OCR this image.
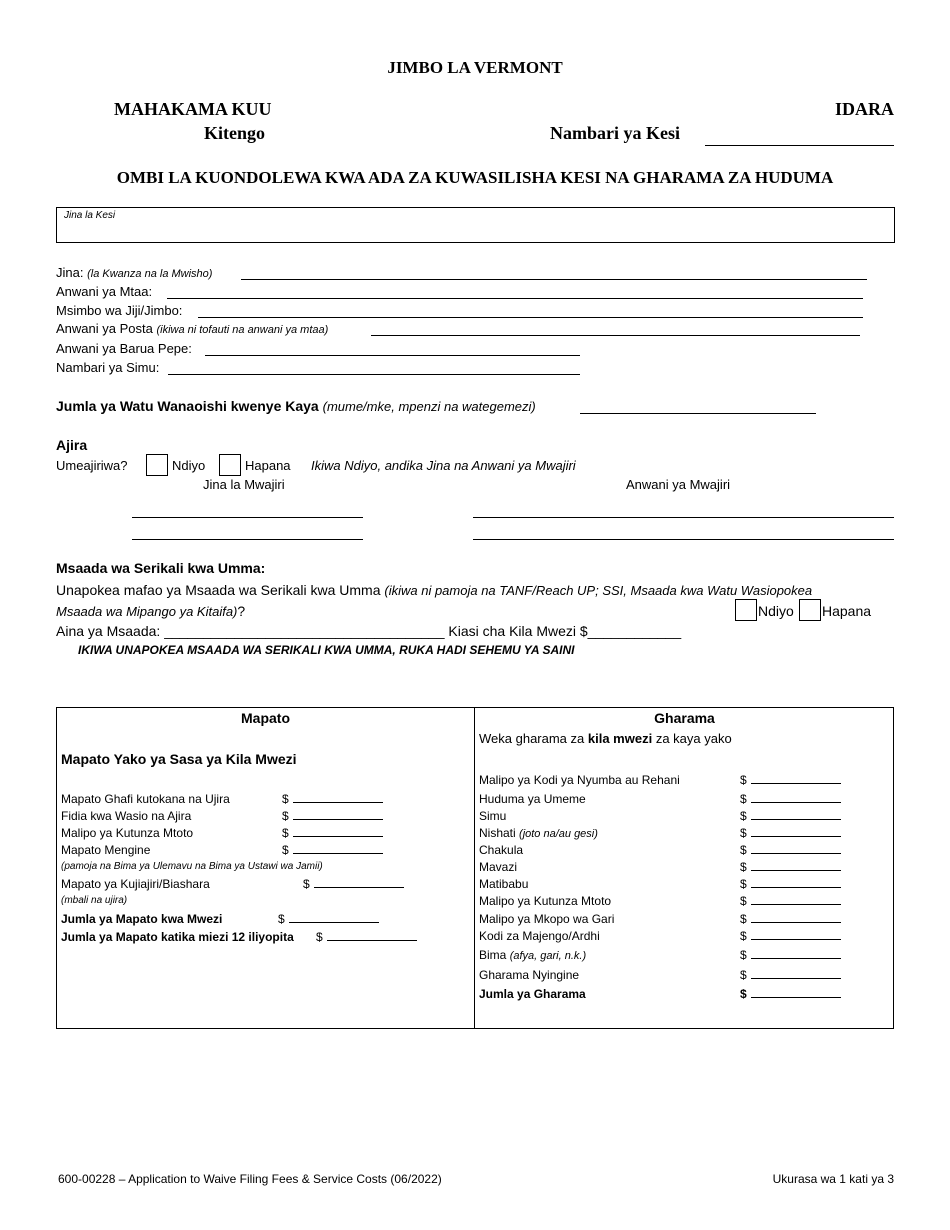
JIMBO LA VERMONT
MAHAKAMA KUU
Kitengo
IDARA
Nambari ya Kesi
OMBI LA KUONDOLEWA KWA ADA ZA KUWASILISHA KESI NA GHARAMA ZA HUDUMA
Jina la Kesi
Jina: (la Kwanza na la Mwisho)
Anwani ya Mtaa:
Msimbo wa Jiji/Jimbo:
Anwani ya Posta (ikiwa ni tofauti na anwani ya mtaa)
Anwani ya Barua Pepe:
Nambari ya Simu:
Jumla ya Watu Wanaoishi kwenye Kaya (mume/mke, mpenzi na wategemezi)
Ajira
Umeajiriwa?	Ndiyo	Hapana Ikiwa Ndiyo, andika Jina na Anwani ya Mwajiri
Jina la Mwajiri	Anwani ya Mwajiri
Msaada wa Serikali kwa Umma:
Unapokea mafao ya Msaada wa Serikali kwa Umma (ikiwa ni pamoja na TANF/Reach UP; SSI, Msaada kwa Watu Wasiopokea
Msaada wa Mipango ya Kitaifa)?	Ndiyo Hapana
Aina ya Msaada: ____________________________________ Kiasi cha Kila Mwezi $____________
IKIWA UNAPOKEA MSAADA WA SERIKALI KWA UMMA, RUKA HADI SEHEMU YA SAINI
Mapato
Mapato Yako ya Sasa ya Kila Mwezi
Mapato Ghafi kutokana na Ujira	$
Fidia kwa Wasio na Ajira	$
Malipo ya Kutunza Mtoto	$
Mapato Mengine	$
(pamoja na Bima ya Ulemavu na Bima ya Ustawi wa Jamii)
Mapato ya Kujiajiri/Biashara	$
(mbali na ujira)
Jumla ya Mapato kwa Mwezi	$
Jumla ya Mapato katika miezi 12 iliyopita $
Gharama
Weka gharama za kila mwezi za kaya yako
Malipo ya Kodi ya Nyumba au Rehani	$
Huduma ya Umeme	$
Simu	$
Nishati (joto na/au gesi)	$
Chakula	$
Mavazi	$
Matibabu	$
Malipo ya Kutunza Mtoto	$
Malipo ya Mkopo wa Gari	$
Kodi za Majengo/Ardhi	$
Bima (afya, gari, n.k.)	$
Gharama Nyingine	$
Jumla ya Gharama	$
600-00228 – Application to Waive Filing Fees & Service Costs (06/2022)	Ukurasa wa 1 kati ya 3
